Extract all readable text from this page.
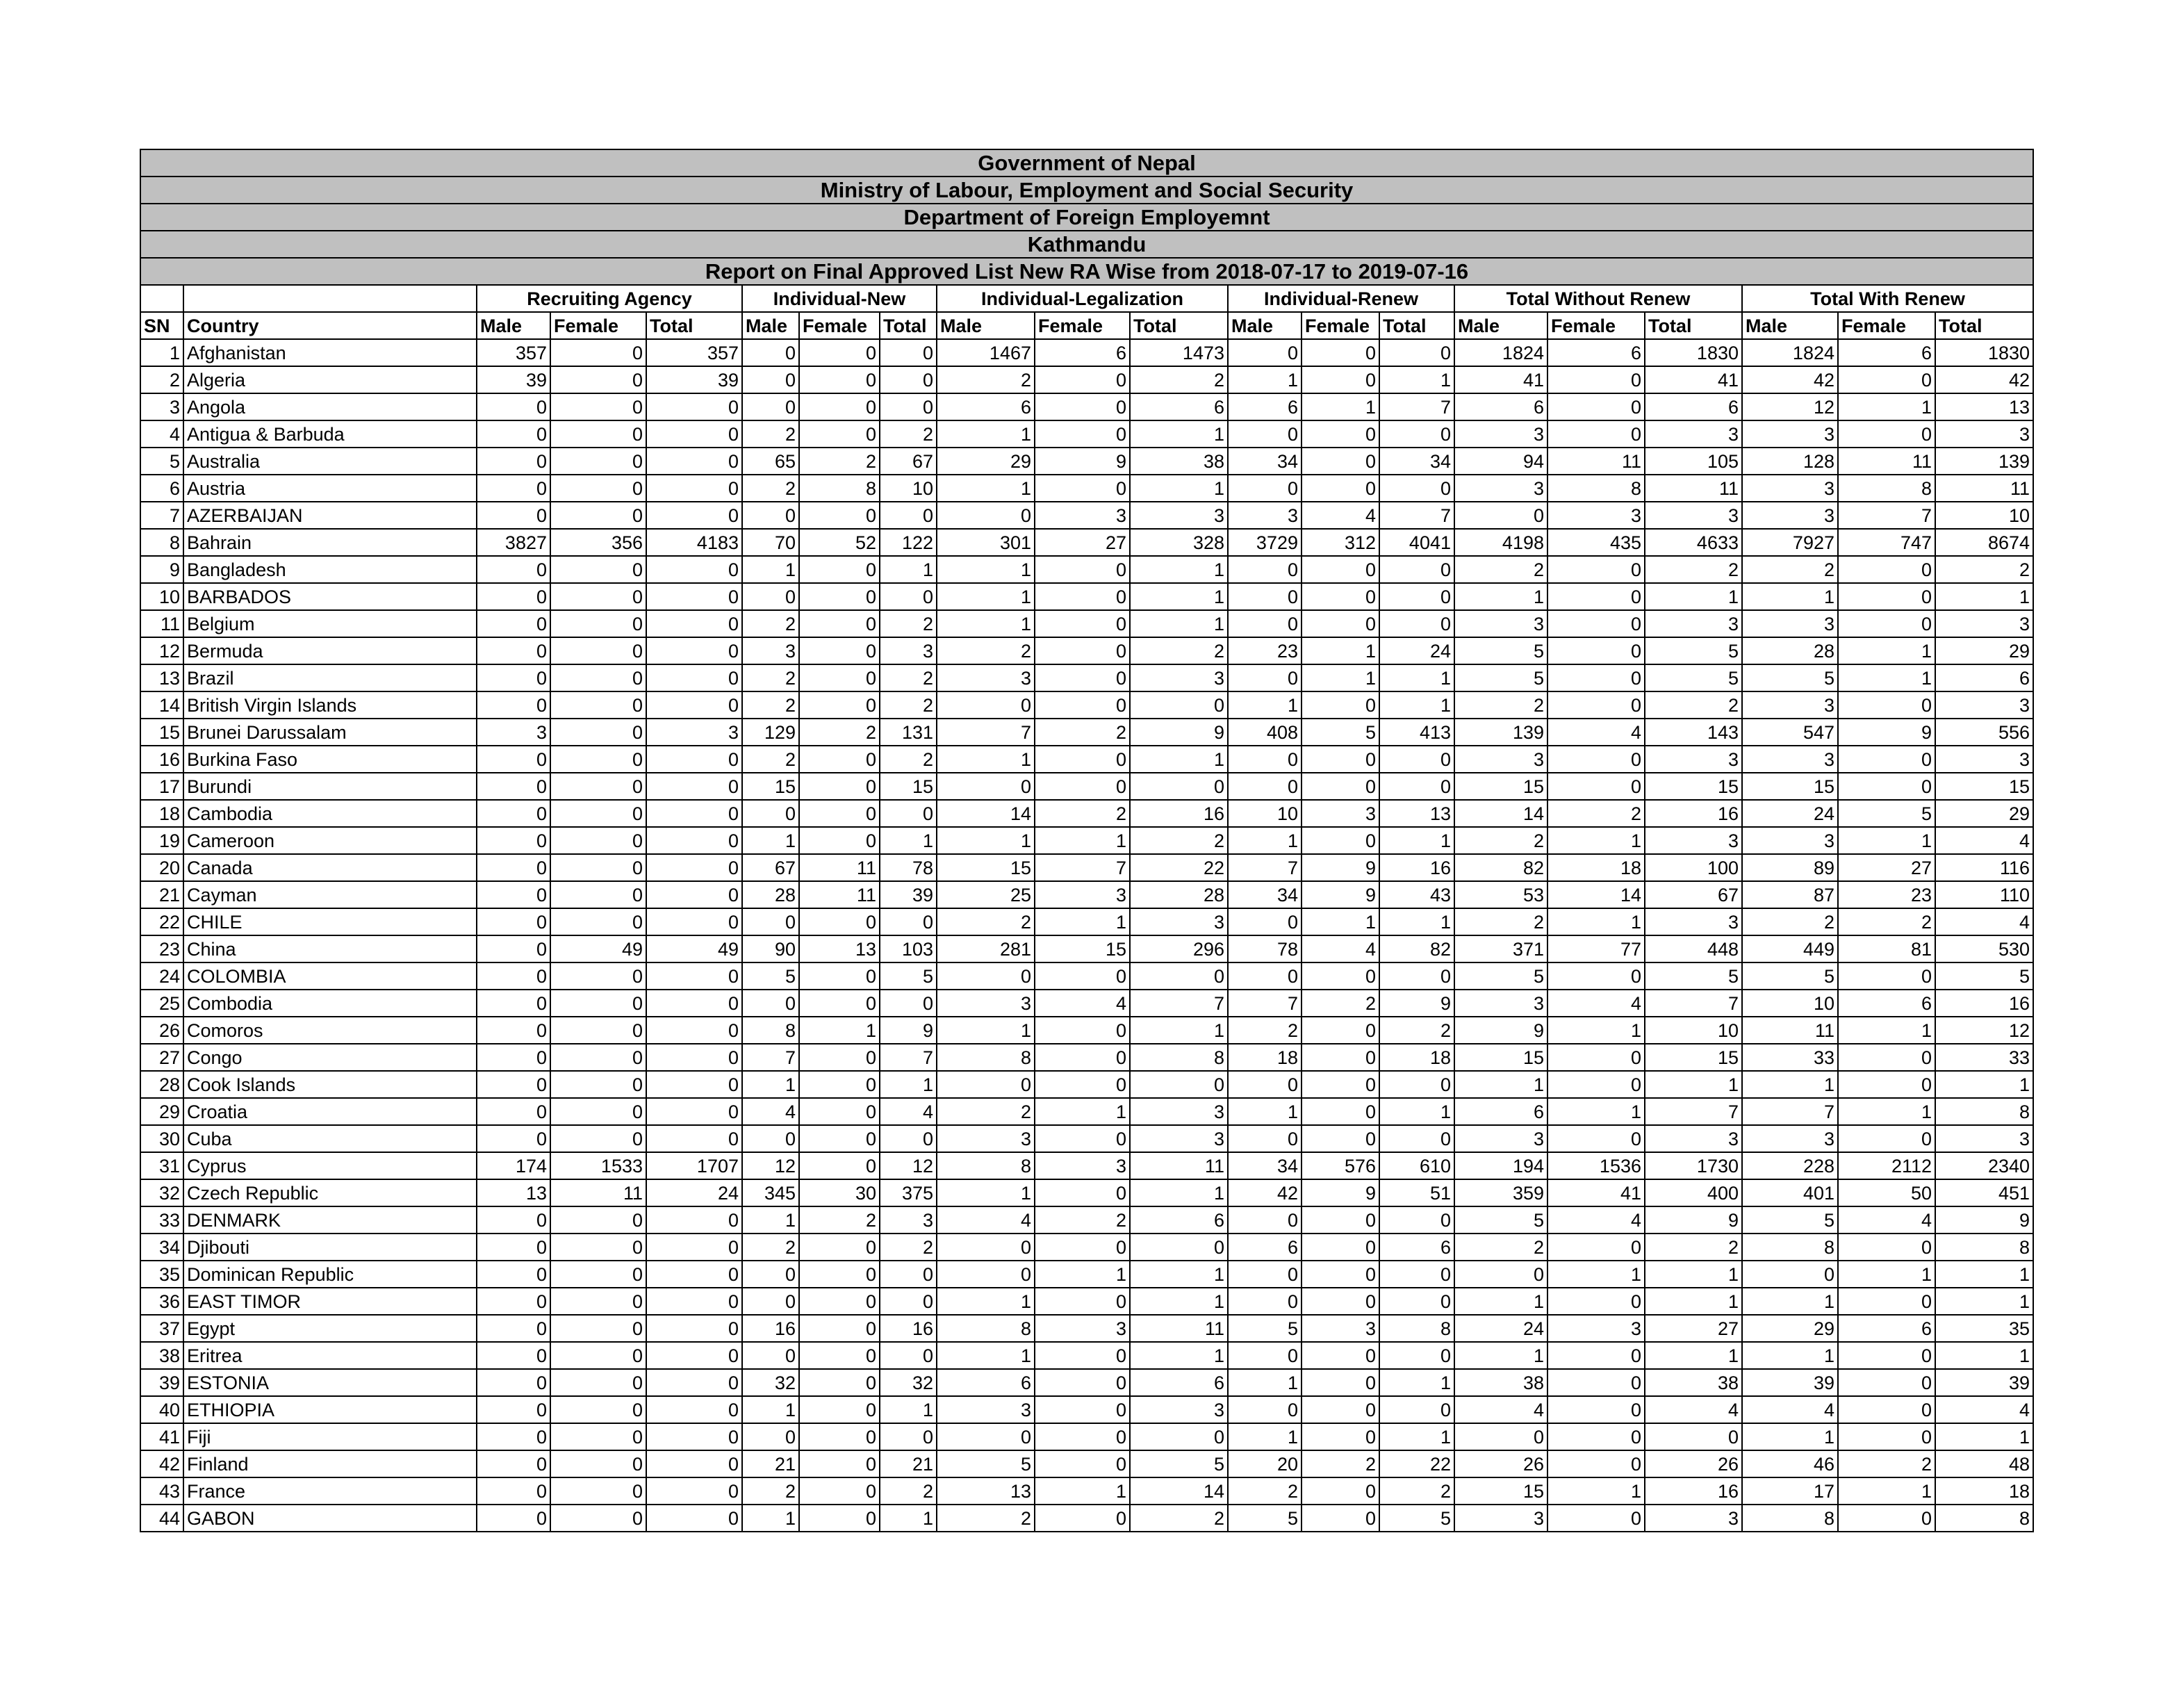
Government of Nepal																			
Ministry of Labour, Employment and Social Security																			
Department of Foreign Employemnt																			
Kathmandu																			
Report on Final Approved List New RA Wise from 2018-07-17 to 2019-07-16																			
		Recruiting Agency			Individual-New			Individual-Legalization			Individual-Renew			Total Without Renew			Total With Renew		
SN	Country	Male	Female	Total	Male	Female	Total	Male	Female	Total	Male	Female	Total	Male	Female	Total	Male	Female	Total
1	Afghanistan	357	0	357	0	0	0	1467	6	1473	0	0	0	1824	6	1830	1824	6	1830
2	Algeria	39	0	39	0	0	0	2	0	2	1	0	1	41	0	41	42	0	42
3	Angola	0	0	0	0	0	0	6	0	6	6	1	7	6	0	6	12	1	13
4	Antigua & Barbuda	0	0	0	2	0	2	1	0	1	0	0	0	3	0	3	3	0	3
5	Australia	0	0	0	65	2	67	29	9	38	34	0	34	94	11	105	128	11	139
6	Austria	0	0	0	2	8	10	1	0	1	0	0	0	3	8	11	3	8	11
7	AZERBAIJAN	0	0	0	0	0	0	0	3	3	3	4	7	0	3	3	3	7	10
8	Bahrain	3827	356	4183	70	52	122	301	27	328	3729	312	4041	4198	435	4633	7927	747	8674
9	Bangladesh	0	0	0	1	0	1	1	0	1	0	0	0	2	0	2	2	0	2
10	BARBADOS	0	0	0	0	0	0	1	0	1	0	0	0	1	0	1	1	0	1
11	Belgium	0	0	0	2	0	2	1	0	1	0	0	0	3	0	3	3	0	3
12	Bermuda	0	0	0	3	0	3	2	0	2	23	1	24	5	0	5	28	1	29
13	Brazil	0	0	0	2	0	2	3	0	3	0	1	1	5	0	5	5	1	6
14	British Virgin Islands	0	0	0	2	0	2	0	0	0	1	0	1	2	0	2	3	0	3
15	Brunei Darussalam	3	0	3	129	2	131	7	2	9	408	5	413	139	4	143	547	9	556
16	Burkina Faso	0	0	0	2	0	2	1	0	1	0	0	0	3	0	3	3	0	3
17	Burundi	0	0	0	15	0	15	0	0	0	0	0	0	15	0	15	15	0	15
18	Cambodia	0	0	0	0	0	0	14	2	16	10	3	13	14	2	16	24	5	29
19	Cameroon	0	0	0	1	0	1	1	1	2	1	0	1	2	1	3	3	1	4
20	Canada	0	0	0	67	11	78	15	7	22	7	9	16	82	18	100	89	27	116
21	Cayman	0	0	0	28	11	39	25	3	28	34	9	43	53	14	67	87	23	110
22	CHILE	0	0	0	0	0	0	2	1	3	0	1	1	2	1	3	2	2	4
23	China	0	49	49	90	13	103	281	15	296	78	4	82	371	77	448	449	81	530
24	COLOMBIA	0	0	0	5	0	5	0	0	0	0	0	0	5	0	5	5	0	5
25	Combodia	0	0	0	0	0	0	3	4	7	7	2	9	3	4	7	10	6	16
26	Comoros	0	0	0	8	1	9	1	0	1	2	0	2	9	1	10	11	1	12
27	Congo	0	0	0	7	0	7	8	0	8	18	0	18	15	0	15	33	0	33
28	Cook Islands	0	0	0	1	0	1	0	0	0	0	0	0	1	0	1	1	0	1
29	Croatia	0	0	0	4	0	4	2	1	3	1	0	1	6	1	7	7	1	8
30	Cuba	0	0	0	0	0	0	3	0	3	0	0	0	3	0	3	3	0	3
31	Cyprus	174	1533	1707	12	0	12	8	3	11	34	576	610	194	1536	1730	228	2112	2340
32	Czech Republic	13	11	24	345	30	375	1	0	1	42	9	51	359	41	400	401	50	451
33	DENMARK	0	0	0	1	2	3	4	2	6	0	0	0	5	4	9	5	4	9
34	Djibouti	0	0	0	2	0	2	0	0	0	6	0	6	2	0	2	8	0	8
35	Dominican Republic	0	0	0	0	0	0	0	1	1	0	0	0	0	1	1	0	1	1
36	EAST TIMOR	0	0	0	0	0	0	1	0	1	0	0	0	1	0	1	1	0	1
37	Egypt	0	0	0	16	0	16	8	3	11	5	3	8	24	3	27	29	6	35
38	Eritrea	0	0	0	0	0	0	1	0	1	0	0	0	1	0	1	1	0	1
39	ESTONIA	0	0	0	32	0	32	6	0	6	1	0	1	38	0	38	39	0	39
40	ETHIOPIA	0	0	0	1	0	1	3	0	3	0	0	0	4	0	4	4	0	4
41	Fiji	0	0	0	0	0	0	0	0	0	1	0	1	0	0	0	1	0	1
42	Finland	0	0	0	21	0	21	5	0	5	20	2	22	26	0	26	46	2	48
43	France	0	0	0	2	0	2	13	1	14	2	0	2	15	1	16	17	1	18
44	GABON	0	0	0	1	0	1	2	0	2	5	0	5	3	0	3	8	0	8
